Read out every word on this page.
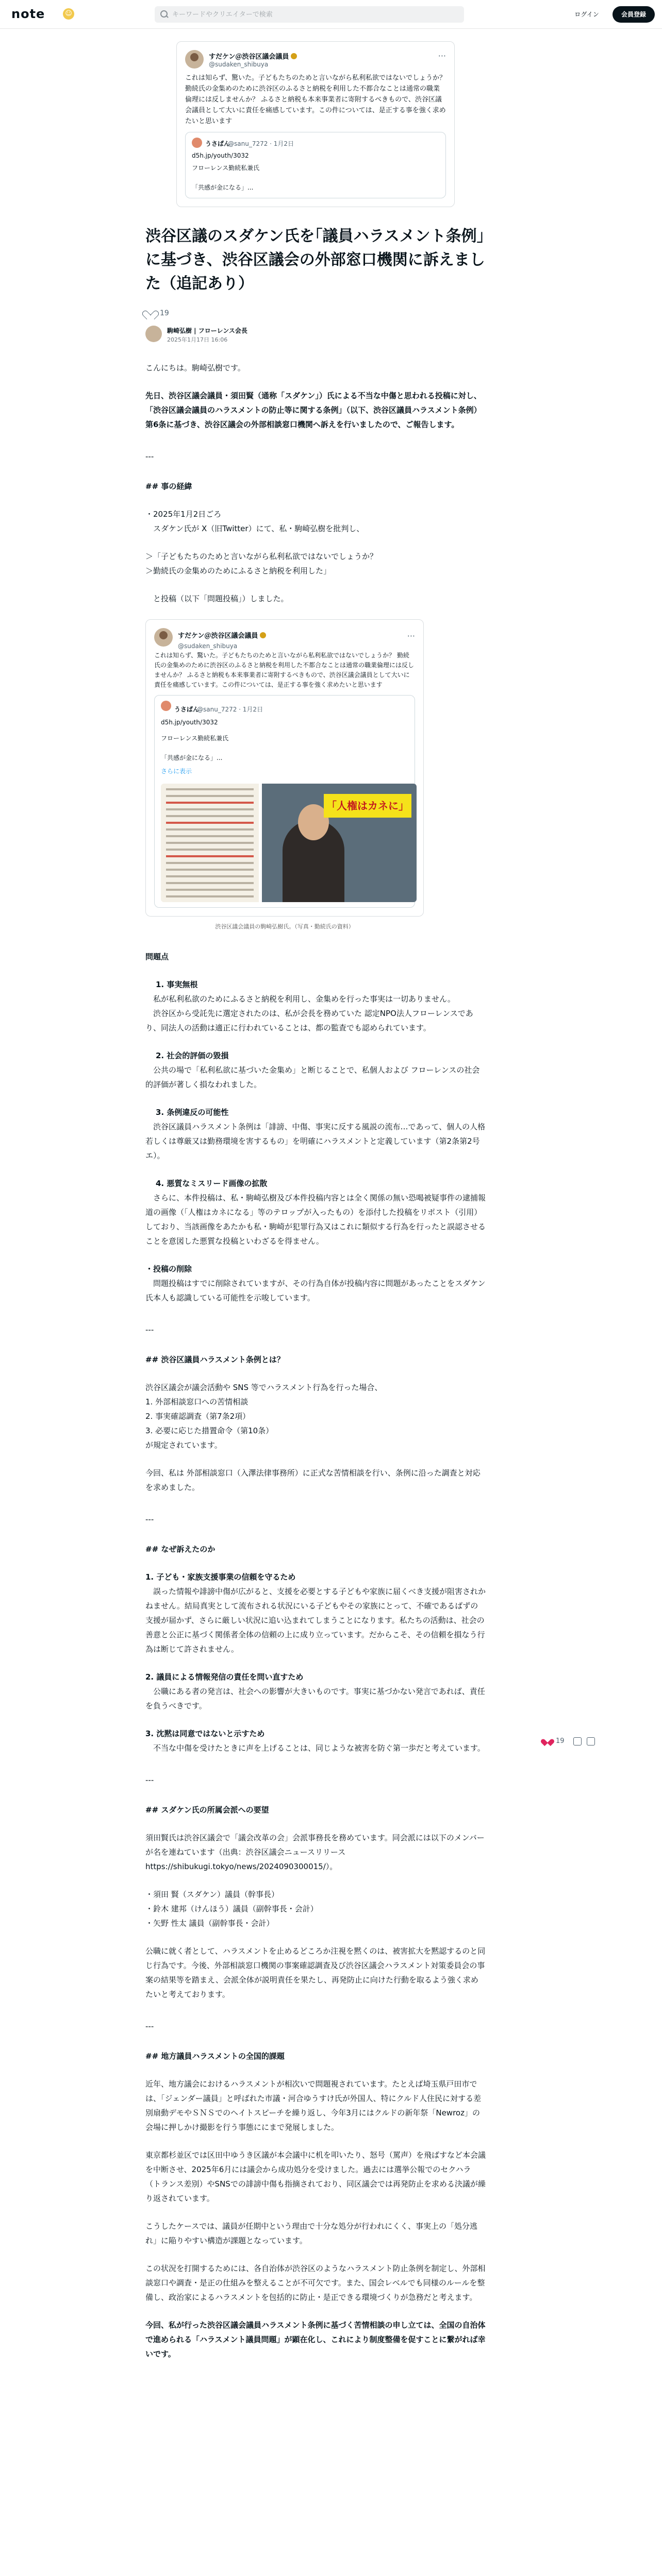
note	☺
キーワードやクリエイターで検索	ログイン	会員登録
すだケン＠渋谷区議会議員
@sudaken_shibuya
···
これは知らず、驚いた。子どもたちのためと言いながら私利私欲ではないでしょうか？ 勤続氏の金集めのために渋谷区のふるさと納税を利用した不都合なことは通常の職業倫理には反しませんか？ ふるさと納税も本来事業者に寄附するべきもので、渋谷区議会議員として大いに責任を痛感しています。この件については、是正する事を強く求めたいと思います
うさぱん
@sanu_7272 · 1月2日
d5h.jp/youth/3032
フローレンス勤続私兼氏

「共感が金になる」...
渋谷区議のスダケン氏を｢議員ハラスメント条例｣に基づき、渋谷区議会の外部窓口機関に訴えました（追記あり）
19
駒崎弘樹 | フローレンス会長
2025年1月17日 16:06
こんにちは。駒崎弘樹です。
先日、渋谷区議会議員・須田賢（通称「スダケン」）氏による不当な中傷と思われる投稿に対し、「渋谷区議会議員のハラスメントの防止等に関する条例」（以下、渋谷区議員ハラスメント条例）第6条に基づき、渋谷区議会の外部相談窓口機関へ訴えを行いましたので、ご報告します。
---
## 事の経緯
・2025年1月2日ごろ
　スダケン氏が X（旧Twitter）にて、私・駒崎弘樹を批判し、
＞「子どもたちのためと言いながら私利私欲ではないでしょうか？
＞勤続氏の金集めのためにふるさと納税を利用した」
　と投稿（以下「問題投稿」）しました。
すだケン＠渋谷区議会議員
@sudaken_shibuya
···
これは知らず、驚いた。子どもたちのためと言いながら私利私欲ではないでしょうか？ 勤続氏の金集めのために渋谷区のふるさと納税を利用した不都合なことは通常の職業倫理には反しませんか？ ふるさと納税も本来事業者に寄附するべきもので、渋谷区議会議員として大いに責任を痛感しています。この件については、是正する事を強く求めたいと思います
うさぱん
@sanu_7272 · 1月2日
d5h.jp/youth/3032
フローレンス勤続私兼氏

「共感が金になる」...
さらに表示
「人権はカネに」
渋谷区議会議員の駒崎弘樹氏。（写真・勤続氏の資料）
問題点
1. 事実無根
　私が私利私欲のためにふるさと納税を利用し、金集めを行った事実は一切ありません。
　渋谷区から受託先に選定されたのは、私が会長を務めていた 認定NPO法人フローレンスであり、同法人の活動は適正に行われていることは、都の監査でも認められています。
2. 社会的評価の毀損
　公共の場で「私利私欲に基づいた金集め」と断じることで、私個人および フローレンスの社会的評価が著しく損なわれました。
3. 条例違反の可能性
　渋谷区議員ハラスメント条例は「誹謗、中傷、事実に反する風説の流布…であって、個人の人格若しくは尊厳又は勤務環境を害するもの」を明確にハラスメントと定義しています（第2条第2号エ）。
4. 悪質なミスリード画像の拡散
　さらに、本件投稿は、私・駒崎弘樹及び本件投稿内容とは全く関係の無い恐喝被疑事件の逮捕報道の画像（「人権はカネになる」等のテロップが入ったもの）を添付した投稿をリポスト（引用）しており、当該画像をあたかも私・駒崎が犯罪行為又はこれに類似する行為を行ったと誤認させることを意図した悪質な投稿といわざるを得ません。
・投稿の削除
　問題投稿はすでに削除されていますが、その行為自体が投稿内容に問題があったことをスダケン氏本人も認識している可能性を示唆しています。
---
## 渋谷区議員ハラスメント条例とは？
渋谷区議会が議会活動や SNS 等でハラスメント行為を行った場合、
1. 外部相談窓口への苦情相談
2. 事実確認調査（第7条2項）
3. 必要に応じた措置命令（第10条）
が規定されています。
今回、私は 外部相談窓口（入澤法律事務所）に正式な苦情相談を行い、条例に沿った調査と対応を求めました。
---
## なぜ訴えたのか
1. 子ども・家族支援事業の信頼を守るため
　誤った情報や誹謗中傷が広がると、支援を必要とする子どもや家族に届くべき支援が阻害されかねません。結局真実として流布される状況にいる子どもやその家族にとって、不確であるばずの支援が届かず、さらに厳しい状況に追い込まれてしまうことになります。私たちの活動は、社会の善意と公正に基づく関係者全体の信頼の上に成り立っています。だからこそ、その信頼を損なう行為は断じて許されません。
2. 議員による情報発信の責任を問い直すため
　公職にある者の発言は、社会への影響が大きいものです。事実に基づかない発言であれば、責任を負うべきです。
3. 沈黙は同意ではないと示すため
　不当な中傷を受けたときに声を上げることは、同じような被害を防ぐ第一歩だと考えています。
---
## スダケン氏の所属会派への要望
須田賢氏は渋谷区議会で「議会改革の会」会派事務長を務めています。同会派には以下のメンバーが名を連ねています（出典：渋谷区議会ニュースリリース https://shibukugi.tokyo/news/2024090300015/）。
・須田 賢（スダケン）議員（幹事長）
・鈴木 建邦（けんほう）議員（副幹事長・会計）
・矢野 性太 議員（副幹事長・会計）
公職に就く者として、ハラスメントを止めるどころか注視を黙くのは、被害拡大を黙認するのと同じ行為です。今後、外部相談窓口機関の事案確認調査及び渋谷区議会ハラスメント対策委員会の事案の結果等を踏まえ、会派全体が説明責任を果たし、再発防止に向けた行動を取るよう強く求めたいと考えております。
---
## 地方議員ハラスメントの全国的課題
近年、地方議会におけるハラスメントが相次いで問題視されています。たとえば埼玉県戸田市では、「ジェンダー議員」と呼ばれた市議・河合ゆうすけ氏が外国人、特にクルド人住民に対する差別扇動デモやＳＮＳでのヘイトスピーチを繰り返し、今年3月にはクルドの新年祭「Newroz」の会場に押しかけ撮影を行う事態ににまで発展しました。
東京都杉並区では区田中ゆうき区議が本会議中に机を叩いたり、怒号（罵声）を飛ばすなど本会議を中断させ、2025年6月には議会から成功処分を受けました。過去には選挙公報でのセクハラ（トランス差別）やSNSでの誹謗中傷も指摘されており、同区議会では再発防止を求める決議が繰り返されています。
こうしたケースでは、議員が任期中という理由で十分な処分が行われにくく、事実上の「処分逃れ」に陥りやすい構造が課題となっています。
この状況を打開するためには、各自治体が渋谷区のようなハラスメント防止条例を制定し、外部相談窓口や調査・是正の仕組みを整えることが不可欠です。また、国会レベルでも同様のルールを整備し、政治家によるハラスメントを包括的に防止・是正できる環境づくりが急務だと考えます。
今回、私が行った渋谷区議会議員ハラスメント条例に基づく苦情相談の申し立ては、全国の自治体で進められる「ハラスメント議員問題」が顕在化し、これにより制度整備を促すことに繋がれば幸いです。
19
